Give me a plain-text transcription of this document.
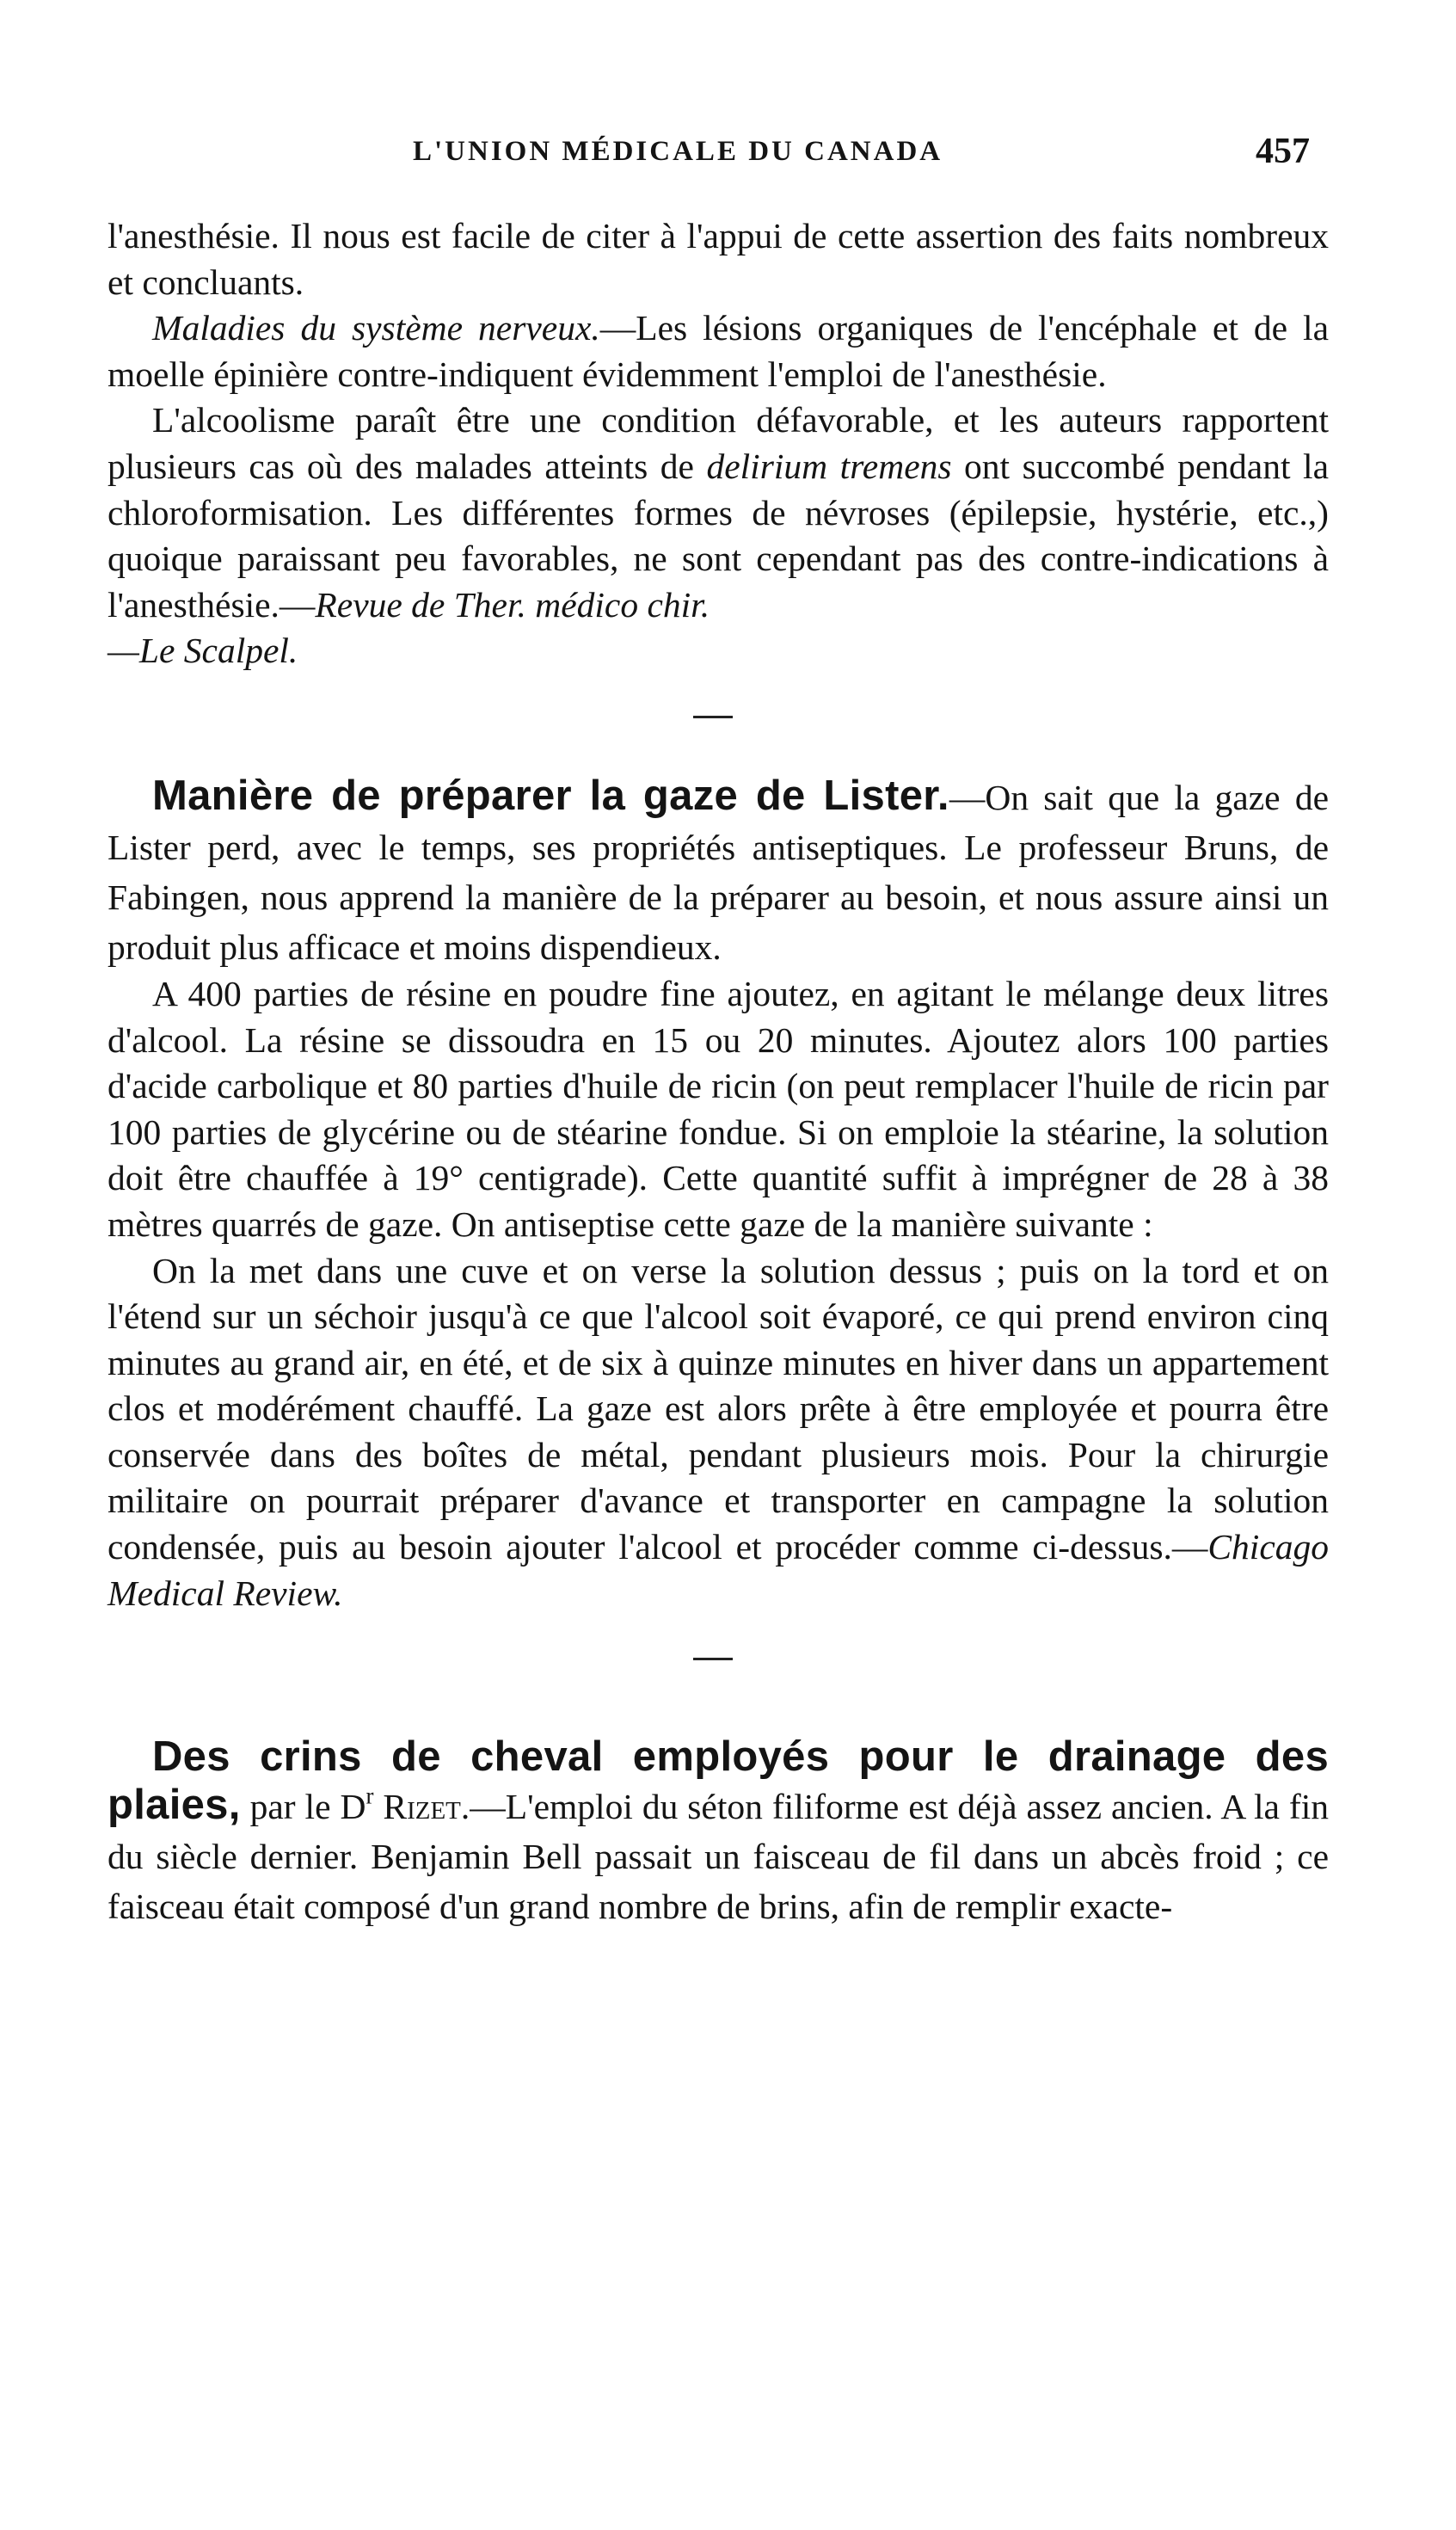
L'UNION MÉDICALE DU CANADA	457

l'anesthésie. Il nous est facile de citer à l'appui de cette assertion des faits nombreux et concluants.

Maladies du système nerveux.—Les lésions organiques de l'encéphale et de la moelle épinière contre-indiquent évidemment l'emploi de l'anesthésie.

L'alcoolisme paraît être une condition défavorable, et les auteurs rapportent plusieurs cas où des malades atteints de delirium tremens ont succombé pendant la chloroformisation. Les différentes formes de névroses (épilepsie, hystérie, etc.,) quoique paraissant peu favorables, ne sont cependant pas des contre-indications à l'anesthésie.—Revue de Ther. médico chir.

—Le Scalpel.

Manière de préparer la gaze de Lister.—On sait que la gaze de Lister perd, avec le temps, ses propriétés antiseptiques. Le professeur Bruns, de Fabingen, nous apprend la manière de la préparer au besoin, et nous assure ainsi un produit plus afficace et moins dispendieux.

A 400 parties de résine en poudre fine ajoutez, en agitant le mélange deux litres d'alcool. La résine se dissoudra en 15 ou 20 minutes. Ajoutez alors 100 parties d'acide carbolique et 80 parties d'huile de ricin (on peut remplacer l'huile de ricin par 100 parties de glycérine ou de stéarine fondue. Si on emploie la stéarine, la solution doit être chauffée à 19° centigrade). Cette quantité suffit à imprégner de 28 à 38 mètres quarrés de gaze. On antiseptise cette gaze de la manière suivante :

On la met dans une cuve et on verse la solution dessus ; puis on la tord et on l'étend sur un séchoir jusqu'à ce que l'alcool soit évaporé, ce qui prend environ cinq minutes au grand air, en été, et de six à quinze minutes en hiver dans un appartement clos et modérément chauffé. La gaze est alors prête à être employée et pourra être conservée dans des boîtes de métal, pendant plusieurs mois. Pour la chirurgie militaire on pourrait préparer d'avance et transporter en campagne la solution condensée, puis au besoin ajouter l'alcool et procéder comme ci-dessus.—Chicago Medical Review.

Des crins de cheval employés pour le drainage des plaies, par le $D^r$ Rizet.—L'emploi du séton filiforme est déjà assez ancien. A la fin du siècle dernier. Benjamin Bell passait un faisceau de fil dans un abcès froid ; ce faisceau était composé d'un grand nombre de brins, afin de remplir exacte-
